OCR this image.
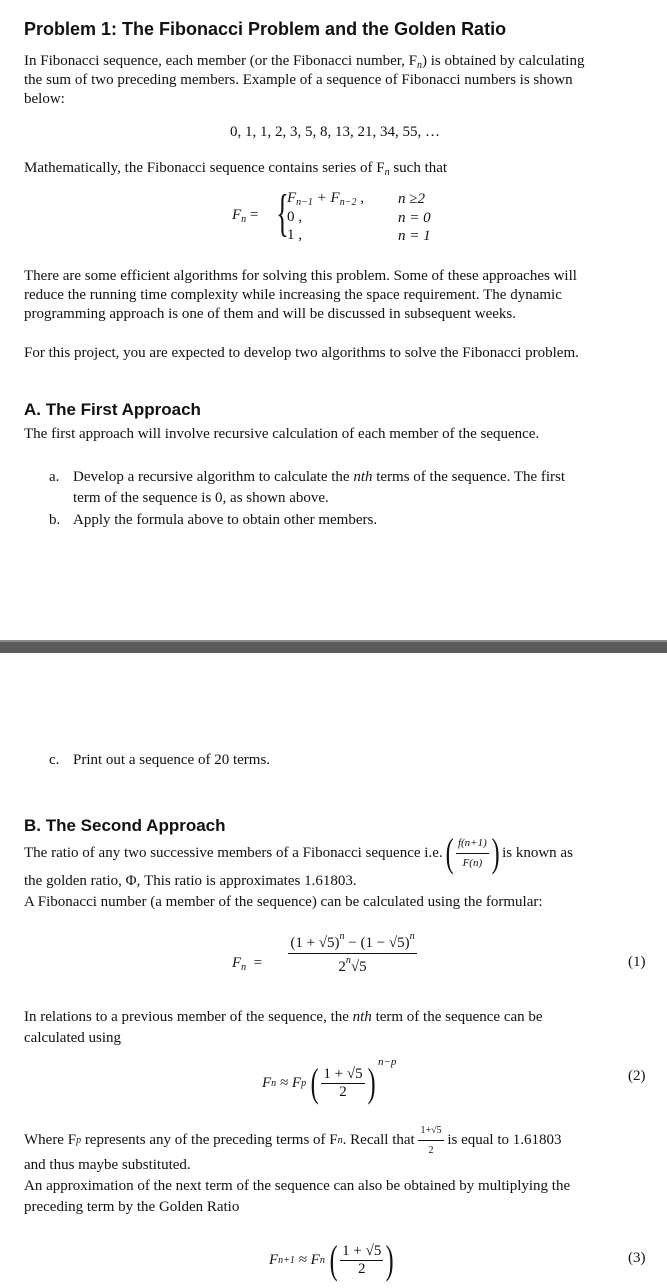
Problem 1: The Fibonacci Problem and the Golden Ratio
In Fibonacci sequence, each member (or the Fibonacci number, $F_n$) is obtained by calculating
the sum of two preceding members. Example of a sequence of Fibonacci numbers is shown
below:
0, 1, 1, 2, 3, 5, 8, 13, 21, 34, 55, …
Mathematically, the Fibonacci sequence contains series of $F_n$ such that
$F_n$ = {
$F_{n-1} + F_{n-2}$ , n ≥2
0 ,	n = 0
1 ,	n = 1
There are some efficient algorithms for solving this problem. Some of these approaches will
reduce the running time complexity while increasing the space requirement. The dynamic
programming approach is one of them and will be discussed in subsequent weeks.
For this project, you are expected to develop two algorithms to solve the Fibonacci problem.
A. The First Approach
The first approach will involve recursive calculation of each member of the sequence.
a. Develop a recursive algorithm to calculate the nth terms of the sequence. The first
term of the sequence is 0, as shown above.
b. Apply the formula above to obtain other members.
c. Print out a sequence of 20 terms.
B. The Second Approach
The ratio of any two successive members of a Fibonacci sequence i.e. ( $\frac{f(n+1)}{F(n)}$ ) is known as
the golden ratio, Φ, This ratio is approximates 1.61803.
A Fibonacci number (a member of the sequence) can be calculated using the formular:
$F_n = \frac{(1 + √5)^n - (1 - √5)^n}{2^n√5}$	(1)
In relations to a previous member of the sequence, the nth term of the sequence can be
calculated using
F n ≈ F p ( $\frac{1 + √5}{2}$ ) n−p
(2)
Where F p represents any of the preceding terms of F n . Recall that $\frac{1+√5}{2}$ is equal to 1.61803
and thus maybe substituted.
An approximation of the next term of the sequence can also be obtained by multiplying the
preceding term by the Golden Ratio
F n+1 ≈ F n ( $\frac{1 + √5}{2}$ )	(3)
